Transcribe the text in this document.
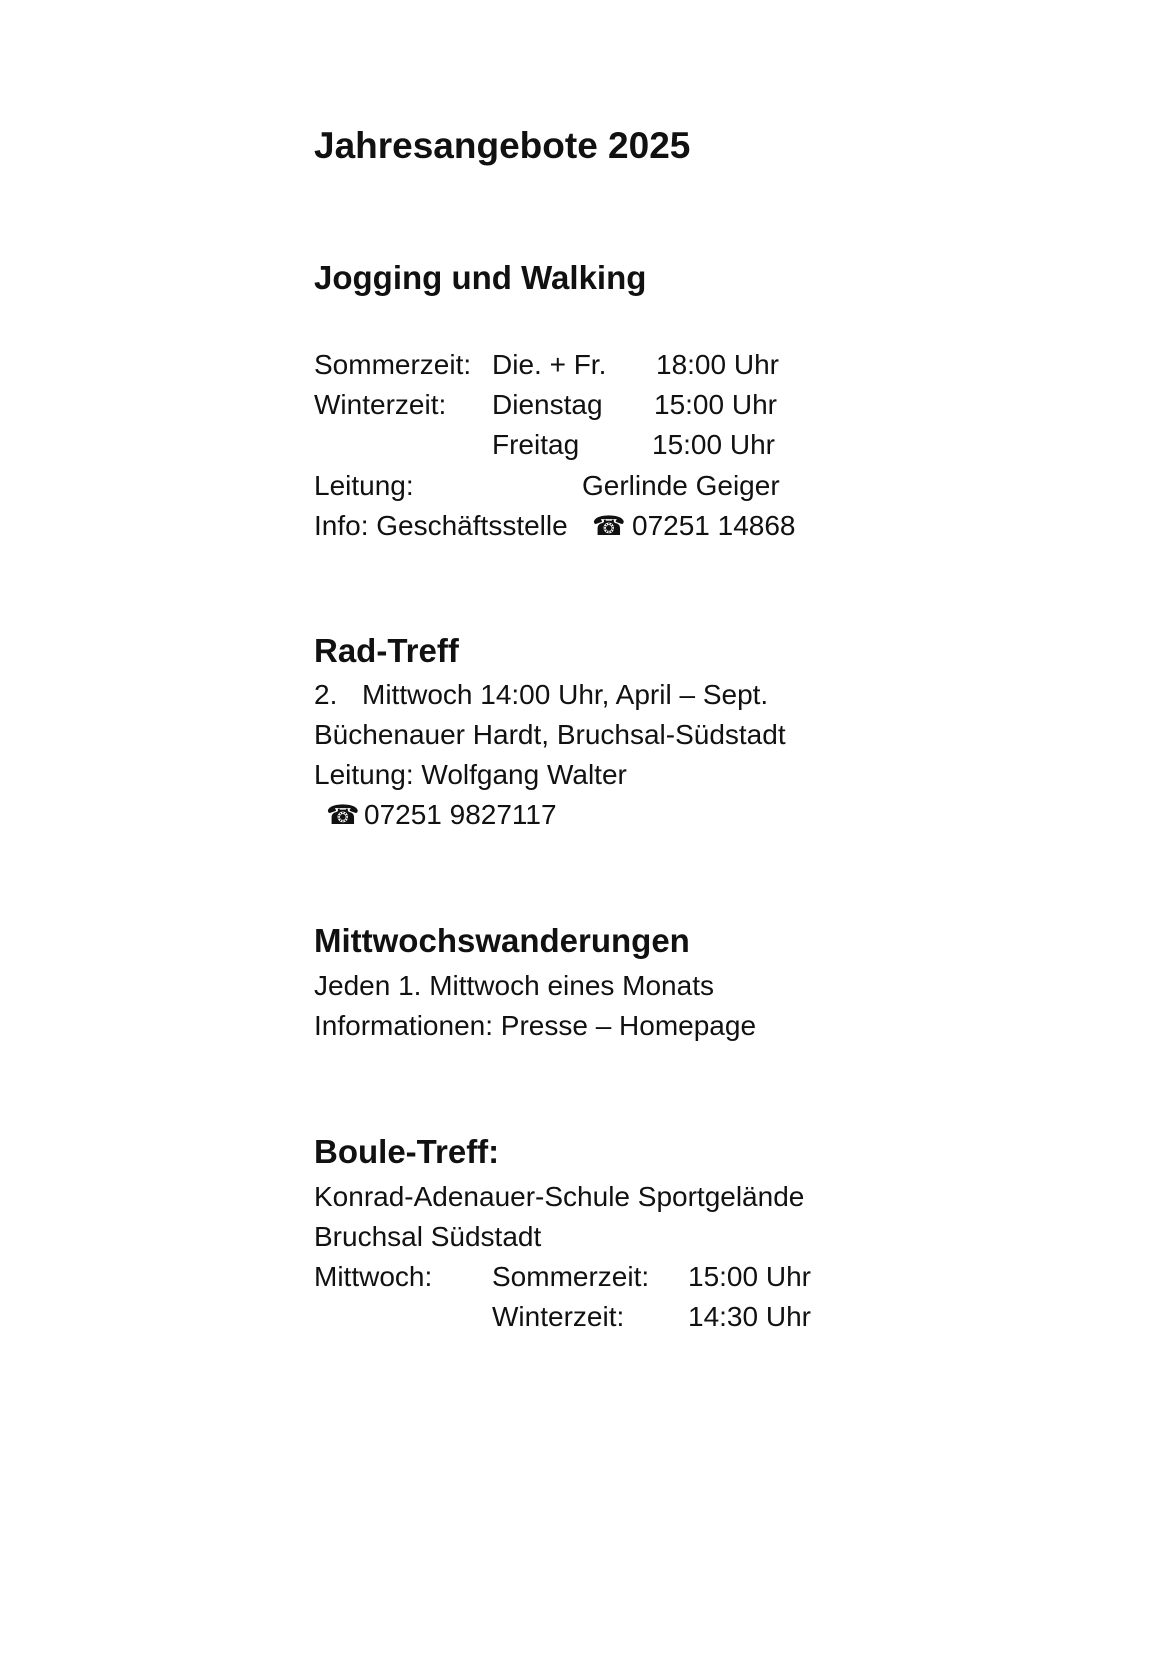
Jahresangebote 2025
Jogging und Walking
Sommerzeit: Die. + Fr. 18:00 Uhr
Winterzeit: Dienstag 15:00 Uhr
Freitag	15:00 Uhr
Leitung:	Gerlinde Geiger
Info: Geschäftsstelle ☎ 07251 14868
Rad-Treff
2. Mittwoch 14:00 Uhr, April – Sept.
Büchenauer Hardt, Bruchsal-Südstadt
Leitung: Wolfgang Walter
☎ 07251 9827117
Mittwochswanderungen
Jeden 1. Mittwoch eines Monats
Informationen: Presse – Homepage
Boule-Treff:
Konrad-Adenauer-Schule Sportgelände
Bruchsal Südstadt
Mittwoch: Sommerzeit: 15:00 Uhr
Winterzeit: 14:30 Uhr
